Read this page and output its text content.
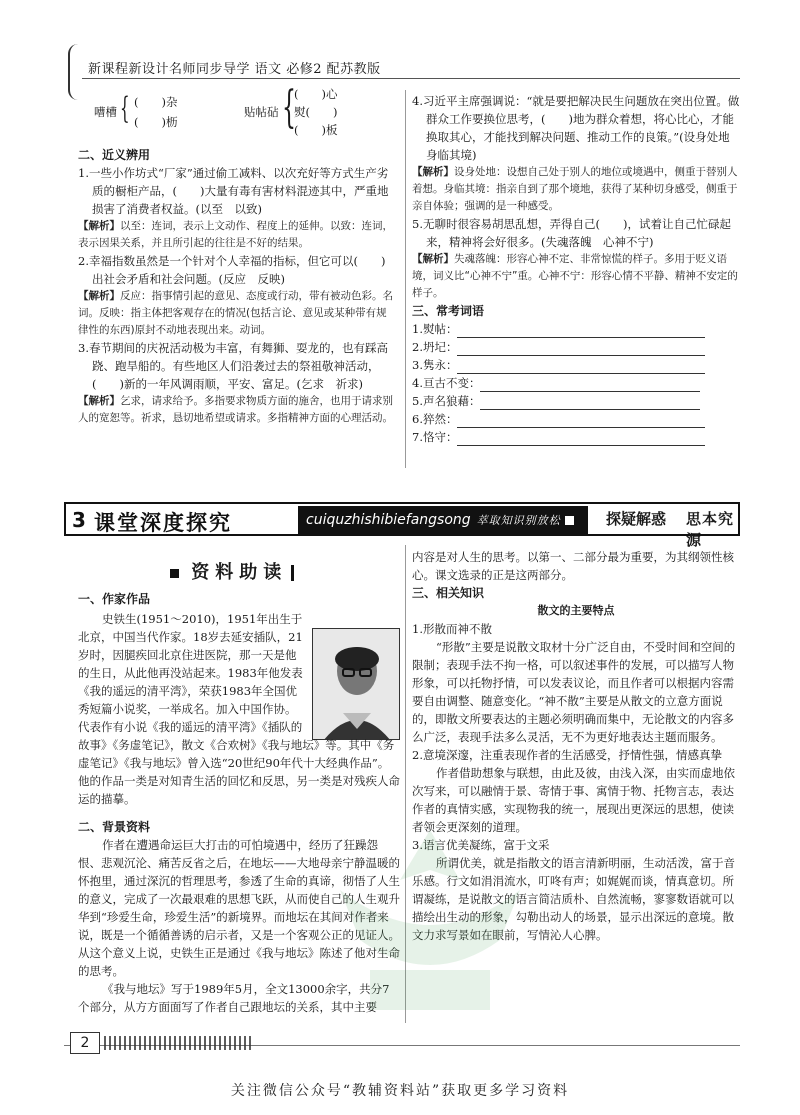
新课程新设计名师同步导学 语文 必修2 配苏教版
嘈槽 { (　　)杂
(　　)枥
贴帖砧 {
(　　)心
熨(　　)
(　　)板

二、近义辨用

1.一些小作坊式“厂家”通过偷工减料、以次充好等方式生产劣质的橱柜产品，(　　)大量有毒有害材料混迹其中，严重地损害了消费者权益。(以至　以致)

【解析】以至：连词，表示上文动作、程度上的延伸。以致：连词，表示因果关系，并且所引起的往往是不好的结果。

2.幸福指数虽然是一个针对个人幸福的指标，但它可以(　　)出社会矛盾和社会问题。(反应　反映)

【解析】反应：指事情引起的意见、态度或行动，带有被动色彩。名词。反映：指主体把客观存在的情况(包括言论、意见或某种带有规律性的东西)原封不动地表现出来。动词。

3.春节期间的庆祝活动极为丰富，有舞狮、耍龙的，也有踩高跷、跑旱船的。有些地区人们沿袭过去的祭祖敬神活动，(　　)新的一年风调雨顺，平安、富足。(乞求　祈求)

【解析】乞求，请求给予。多指要求物质方面的施舍，也用于请求别人的宽恕等。祈求，恳切地希望或请求。多指精神方面的心理活动。

4.习近平主席强调说：“就是要把解决民生问题放在突出位置。做群众工作要换位思考，(　　)地为群众着想，将心比心，才能换取其心，才能找到解决问题、推动工作的良策。”(设身处地　身临其境)

【解析】设身处地：设想自己处于别人的地位或境遇中，侧重于替别人着想。身临其境：指亲自到了那个境地，获得了某种切身感受，侧重于亲自体验；强调的是一种感受。

5.无聊时很容易胡思乱想，弄得自己(　　)，试着让自己忙碌起来，精神将会好很多。(失魂落魄　心神不宁)

【解析】失魂落魄：形容心神不定、非常惊慌的样子。多用于贬义语境，词义比“心神不宁”重。心神不宁：形容心情不平静、精神不安定的样子。

三、常考词语

1.熨帖：

2.坍圮：

3.隽永：

4.亘古不变：

5.声名狼藉：

6.猝然：

7.恪守：

3 课堂深度探究	cuiquzhishibiefangsong 萃取知识别放松	探疑解惑 思本究源
资料助读

一、作家作品

史铁生(1951～2010)，1951年出生于北京，中国当代作家。18岁去延安插队，21岁时，因腿疾回北京住进医院，那一天是他的生日，从此他再没站起来。1983年他发表《我的遥远的清平湾》，荣获1983年全国优秀短篇小说奖，一举成名。加入中国作协。代表作有小说《我的遥远的清平湾》《插队的故事》《务虚笔记》，散文《合欢树》《我与地坛》等。其中《务虚笔记》《我与地坛》曾入选“20世纪90年代十大经典作品”。他的作品一类是对知青生活的回忆和反思，另一类是对残疾人命运的描摹。

二、背景资料

作者在遭遇命运巨大打击的可怕境遇中，经历了狂躁怨恨、悲观沉沦、痛苦反省之后，在地坛——大地母亲宁静温暖的怀抱里，通过深沉的哲理思考，参透了生命的真谛，彻悟了人生的意义，完成了一次最艰难的思想飞跃，从而使自己的人生观升华到“珍爱生命，珍爱生活”的新境界。而地坛在其间对作者来说，既是一个循循善诱的启示者，又是一个客观公正的见证人。从这个意义上说，史铁生正是通过《我与地坛》陈述了他对生命的思考。

《我与地坛》写于1989年5月，全文13000余字，共分7个部分，从方方面面写了作者自己跟地坛的关系，其中主要

内容是对人生的思考。以第一、二部分最为重要，为其纲领性核心。课文选录的正是这两部分。

三、相关知识

散文的主要特点

1.形散而神不散

“形散”主要是说散文取材十分广泛自由，不受时间和空间的限制；表现手法不拘一格，可以叙述事件的发展，可以描写人物形象，可以托物抒情，可以发表议论，而且作者可以根据内容需要自由调整、随意变化。“神不散”主要是从散文的立意方面说的，即散文所要表达的主题必须明确而集中，无论散文的内容多么广泛，表现手法多么灵活，无不为更好地表达主题而服务。

2.意境深邃，注重表现作者的生活感受，抒情性强，情感真挚

作者借助想象与联想，由此及彼，由浅入深，由实而虚地依次写来，可以融情于景、寄情于事、寓情于物、托物言志，表达作者的真情实感，实现物我的统一，展现出更深远的思想，使读者领会更深刻的道理。

3.语言优美凝练，富于文采

所谓优美，就是指散文的语言清新明丽，生动活泼，富于音乐感。行文如涓涓流水，叮咚有声；如娓娓而谈，情真意切。所谓凝练，是说散文的语言简洁质朴、自然流畅，寥寥数语就可以描绘出生动的形象，勾勒出动人的场景，显示出深远的意境。散文力求写景如在眼前，写情沁人心脾。

2
关注微信公众号“教辅资料站”获取更多学习资料
